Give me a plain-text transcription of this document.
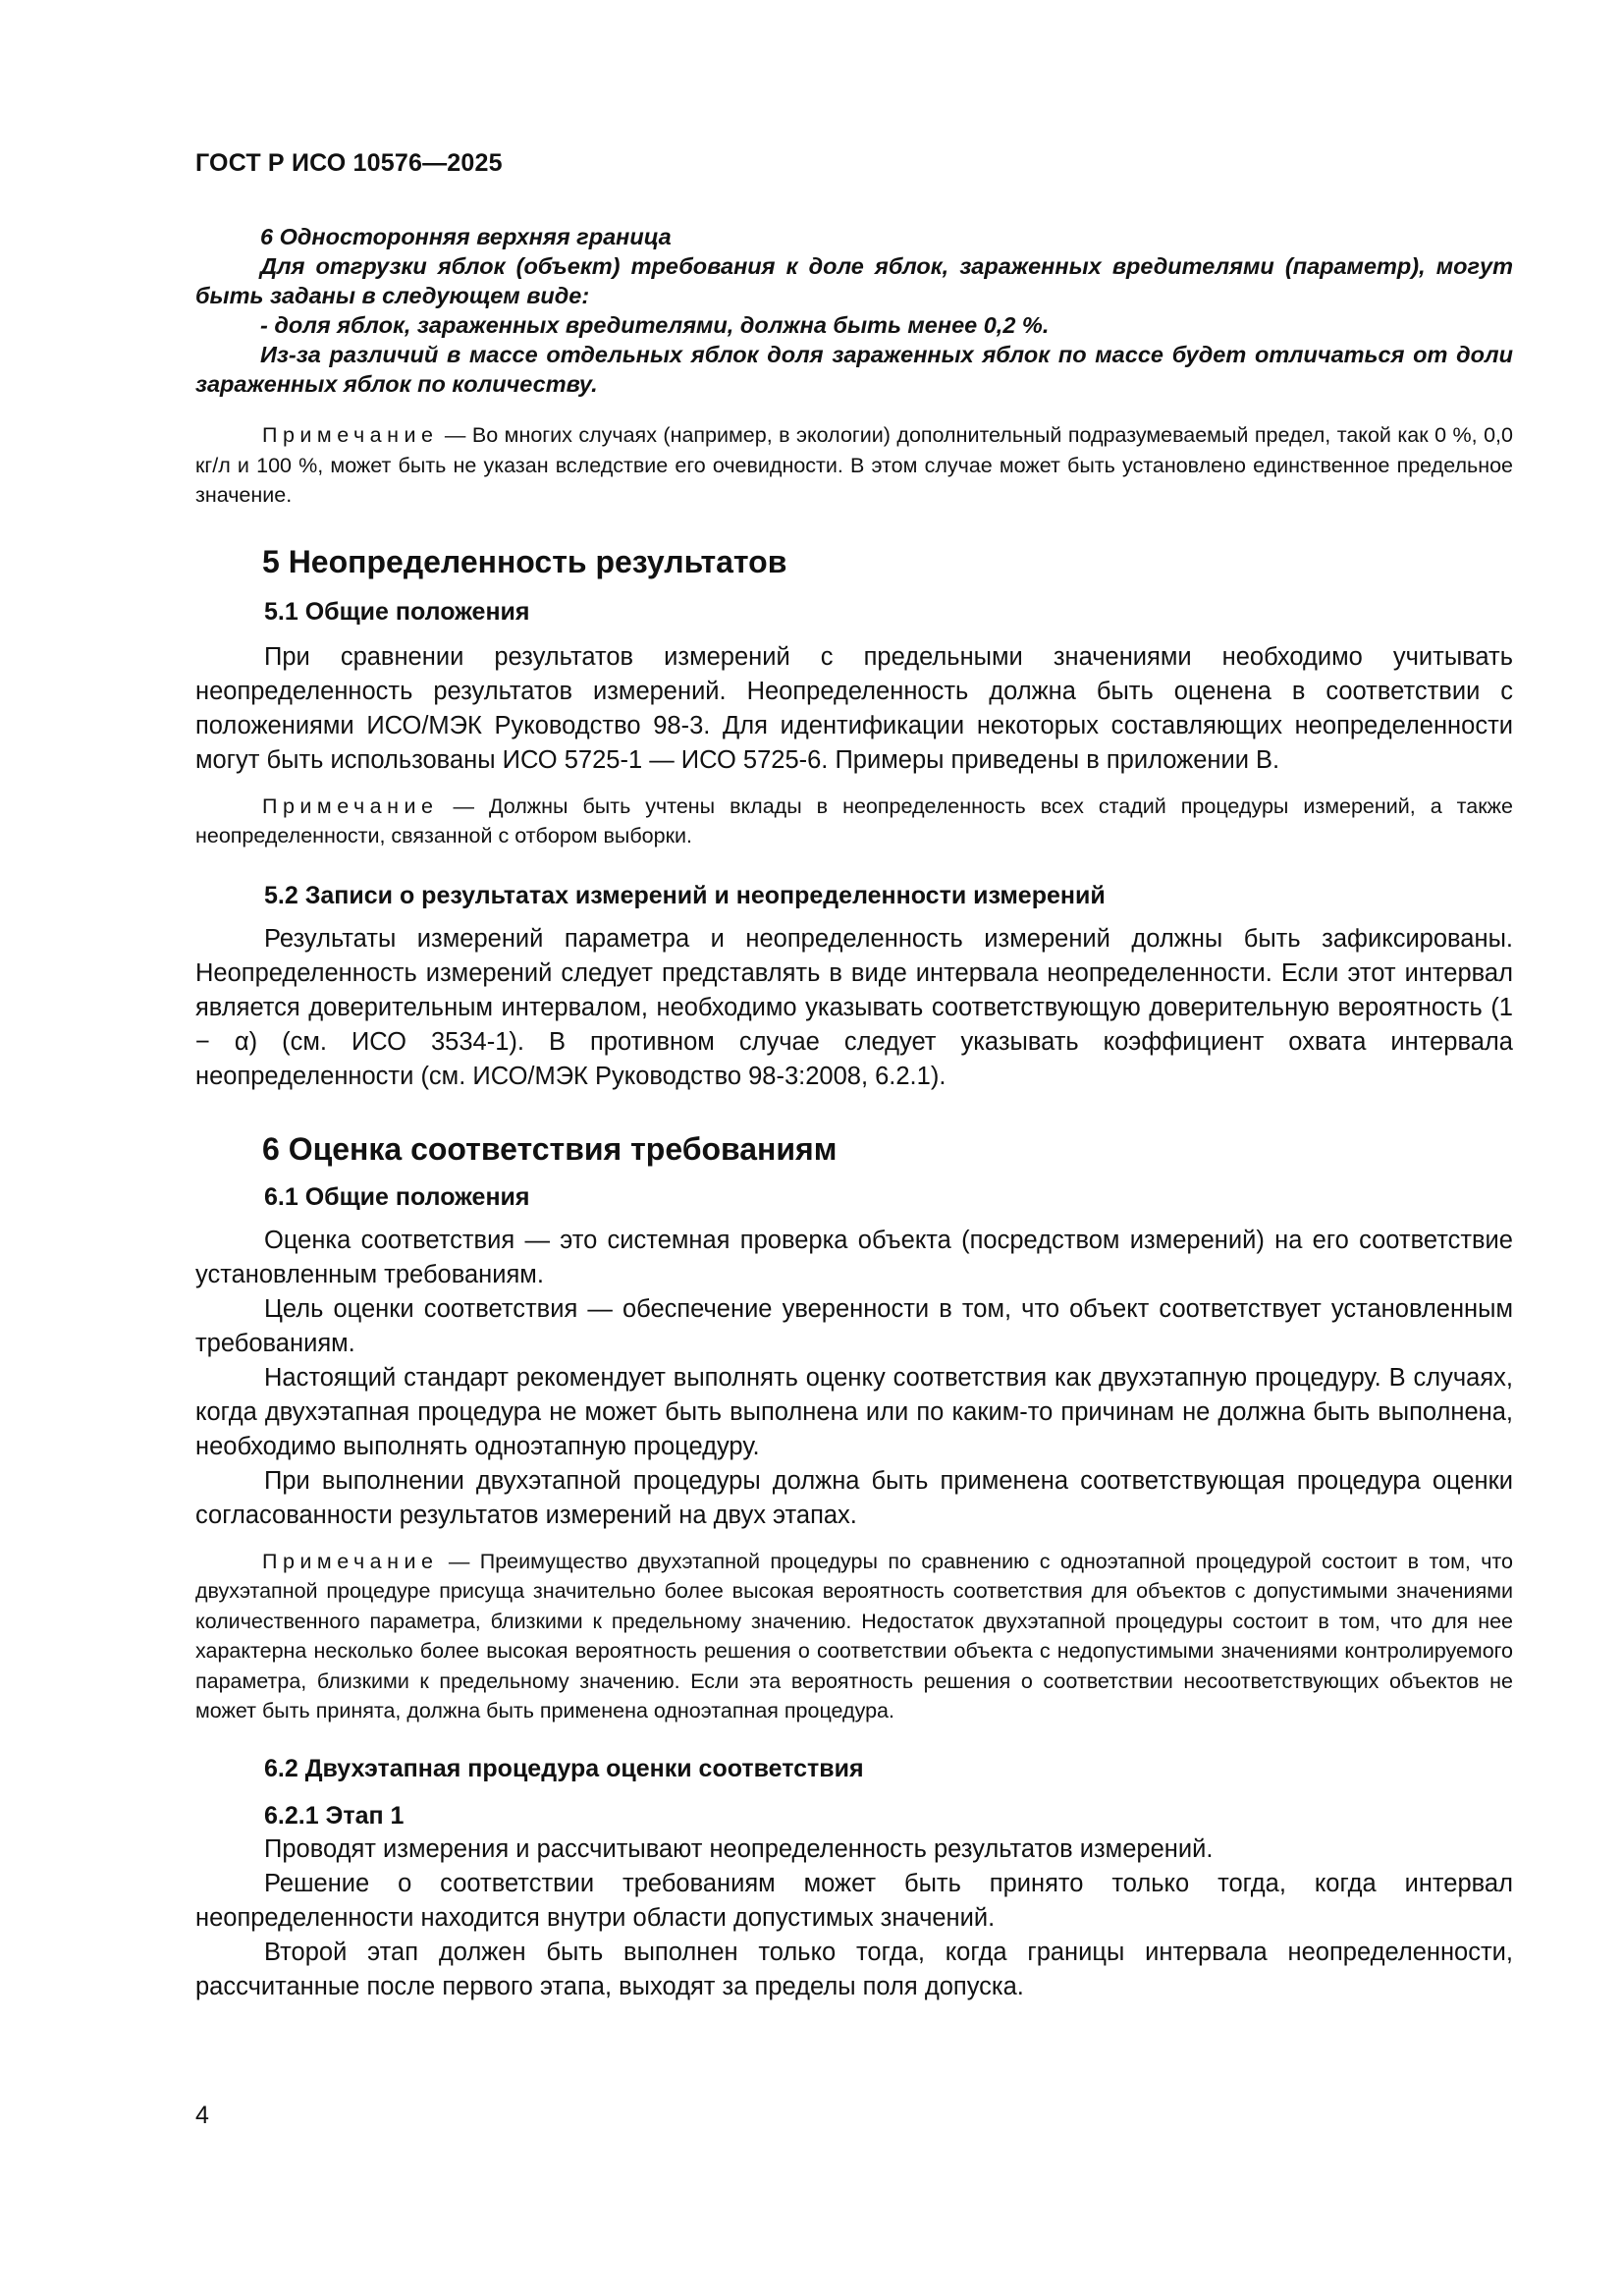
ГОСТ Р ИСО 10576—2025

6 Односторонняя верхняя граница

Для отгрузки яблок (объект) требования к доле яблок, зараженных вредителями (параметр), могут быть заданы в следующем виде:

- доля яблок, зараженных вредителями, должна быть менее 0,2 %.

Из-за различий в массе отдельных яблок доля зараженных яблок по массе будет отличаться от доли зараженных яблок по количеству.

Примечание — Во многих случаях (например, в экологии) дополнительный подразумеваемый предел, такой как 0 %, 0,0 кг/л и 100 %, может быть не указан вследствие его очевидности. В этом случае может быть установлено единственное предельное значение.

5 Неопределенность результатов

5.1 Общие положения

При сравнении результатов измерений с предельными значениями необходимо учитывать неопределенность результатов измерений. Неопределенность должна быть оценена в соответствии с положениями ИСО/МЭК Руководство 98-3. Для идентификации некоторых составляющих неопределенности могут быть использованы ИСО 5725-1 — ИСО 5725-6. Примеры приведены в приложении В.

Примечание — Должны быть учтены вклады в неопределенность всех стадий процедуры измерений, а также неопределенности, связанной с отбором выборки.

5.2 Записи о результатах измерений и неопределенности измерений

Результаты измерений параметра и неопределенность измерений должны быть зафиксированы. Неопределенность измерений следует представлять в виде интервала неопределенности. Если этот интервал является доверительным интервалом, необходимо указывать соответствующую доверительную вероятность (1 − α) (см. ИСО 3534-1). В противном случае следует указывать коэффициент охвата интервала неопределенности (см. ИСО/МЭК Руководство 98-3:2008, 6.2.1).

6 Оценка соответствия требованиям

6.1 Общие положения

Оценка соответствия — это системная проверка объекта (посредством измерений) на его соответствие установленным требованиям.

Цель оценки соответствия — обеспечение уверенности в том, что объект соответствует установленным требованиям.

Настоящий стандарт рекомендует выполнять оценку соответствия как двухэтапную процедуру. В случаях, когда двухэтапная процедура не может быть выполнена или по каким-то причинам не должна быть выполнена, необходимо выполнять одноэтапную процедуру.

При выполнении двухэтапной процедуры должна быть применена соответствующая процедура оценки согласованности результатов измерений на двух этапах.

Примечание — Преимущество двухэтапной процедуры по сравнению с одноэтапной процедурой состоит в том, что двухэтапной процедуре присуща значительно более высокая вероятность соответствия для объектов с допустимыми значениями количественного параметра, близкими к предельному значению. Недостаток двухэтапной процедуры состоит в том, что для нее характерна несколько более высокая вероятность решения о соответствии объекта с недопустимыми значениями контролируемого параметра, близкими к предельному значению. Если эта вероятность решения о соответствии несоответствующих объектов не может быть принята, должна быть применена одноэтапная процедура.

6.2 Двухэтапная процедура оценки соответствия

6.2.1 Этап 1

Проводят измерения и рассчитывают неопределенность результатов измерений.

Решение о соответствии требованиям может быть принято только тогда, когда интервал неопределенности находится внутри области допустимых значений.

Второй этап должен быть выполнен только тогда, когда границы интервала неопределенности, рассчитанные после первого этапа, выходят за пределы поля допуска.

4
